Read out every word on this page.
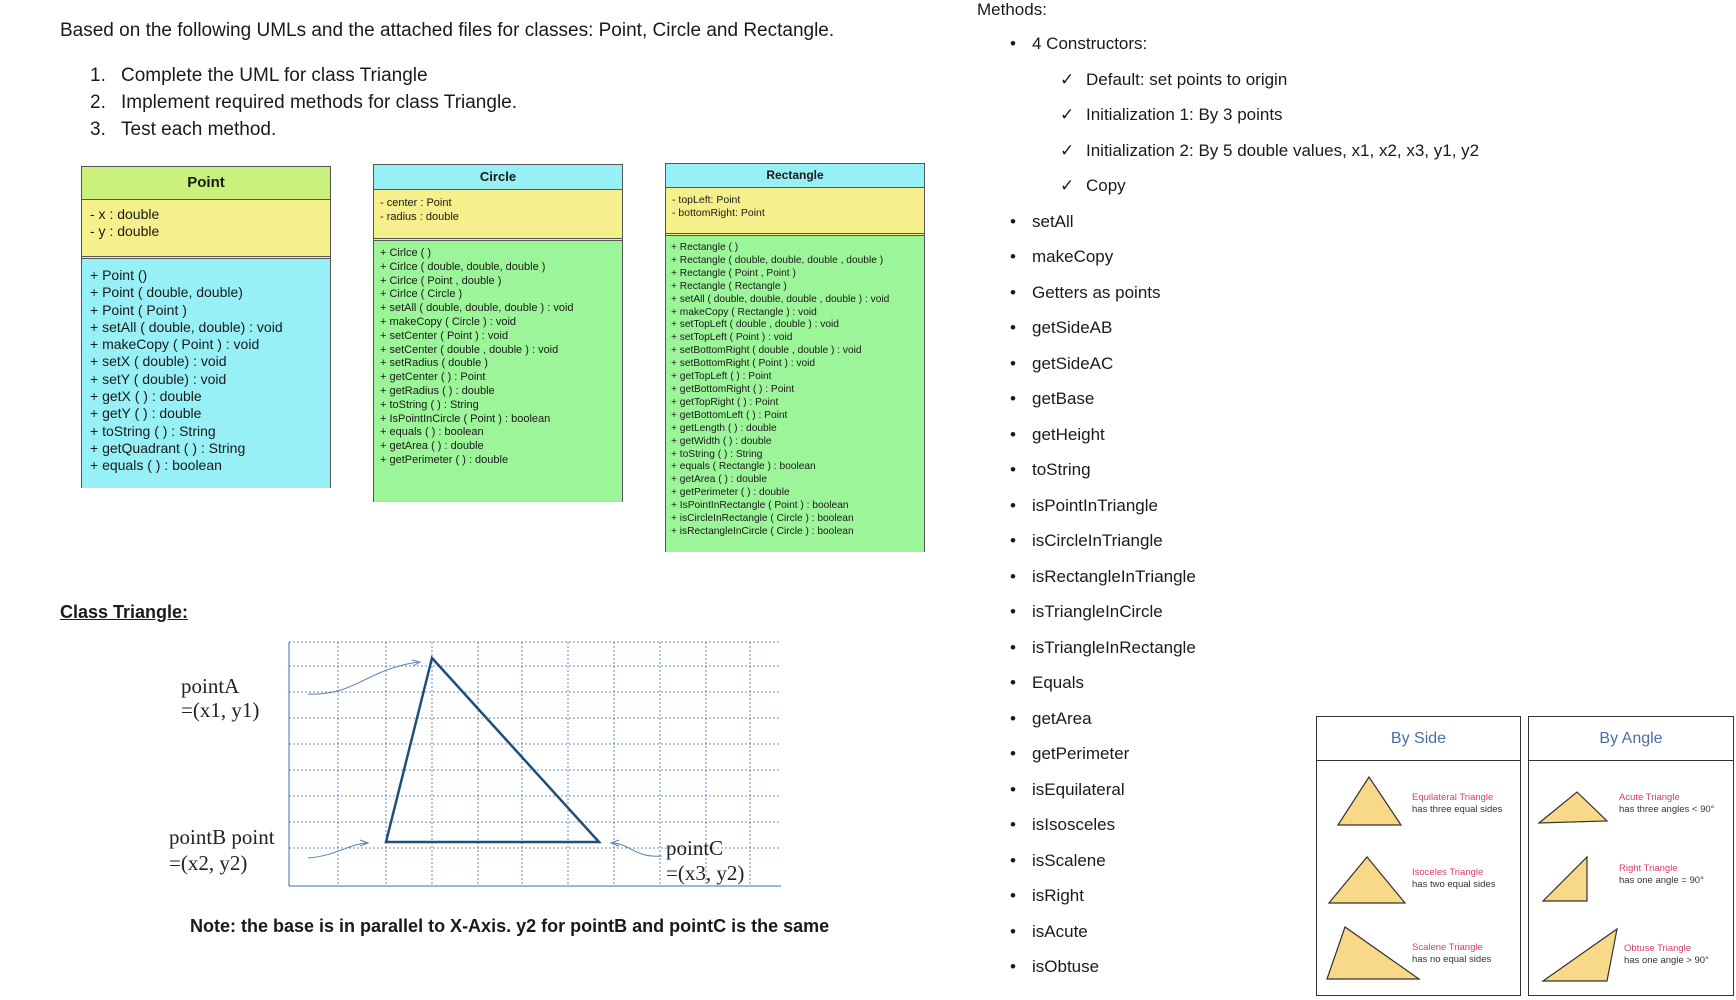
Based on the following UMLs and the attached files for classes: Point, Circle and Rectangle.
1. Complete the UML for class Triangle
2. Implement required methods for class Triangle.
3. Test each method.
Point
- x : double
- y : double
+ Point ()
+ Point ( double, double)
+ Point ( Point )
+ setAll ( double, double) : void
+ makeCopy ( Point ) : void
+ setX ( double) : void
+ setY ( double) : void
+ getX ( ) : double
+ getY ( ) : double
+ toString ( ) : String
+ getQuadrant ( ) : String
+ equals ( ) : boolean
Circle
- center : Point
- radius : double
+ Cirlce ( )
+ Cirlce ( double, double, double )
+ Cirlce ( Point , double )
+ Cirlce ( Circle )
+ setAll ( double, double, double ) : void
+ makeCopy ( Circle ) : void
+ setCenter ( Point ) : void
+ setCenter ( double , double ) : void
+ setRadius ( double )
+ getCenter ( ) : Point
+ getRadius ( ) : double
+ toString ( ) : String
+ IsPointInCircle ( Point ) : boolean
+ equals ( ) : boolean
+ getArea ( ) : double
+ getPerimeter ( ) : double
Rectangle
- topLeft: Point
- bottomRight: Point
+ Rectangle ( )
+ Rectangle ( double, double, double , double )
+ Rectangle ( Point , Point )
+ Rectangle ( Rectangle )
+ setAll ( double, double, double , double ) : void
+ makeCopy ( Rectangle ) : void
+ setTopLeft ( double , double ) : void
+ setTopLeft ( Point ) : void
+ setBottomRight ( double , double ) : void
+ setBottomRight ( Point ) : void
+ getTopLeft ( ) : Point
+ getBottomRight ( ) : Point
+ getTopRight ( ) : Point
+ getBottomLeft ( ) : Point
+ getLength ( ) : double
+ getWidth ( ) : double
+ toString ( ) : String
+ equals ( Rectangle ) : boolean
+ getArea ( ) : double
+ getPerimeter ( ) : double
+ IsPointInRectangle ( Point ) : boolean
+ isCircleInRectangle ( Circle ) : boolean
+ isRectangleInCircle ( Circle ) : boolean
Class Triangle:
pointA
=(x1, y1)
pointB point
=(x2, y2)
pointC
=(x3, y2)
Note: the base is in parallel to X-Axis. y2 for pointB and pointC is the same
Methods:
• 4 Constructors:
✓ Default: set points to origin
✓ Initialization 1: By 3 points
✓ Initialization 2: By 5 double values, x1, x2, x3, y1, y2
✓ Copy
• setAll
• makeCopy
• Getters as points
• getSideAB
• getSideAC
• getBase
• getHeight
• toString
• isPointInTriangle
• isCircleInTriangle
• isRectangleInTriangle
• isTriangleInCircle
• isTriangleInRectangle
• Equals
• getArea
• getPerimeter
• isEquilateral
• isIsosceles
• isScalene
• isRight
• isAcute
• isObtuse
By Side
Equilateral Triangle
has three equal sides
Isoceles Triangle
has two equal sides
Scalene Triangle
has no equal sides
By Angle
Acute Triangle
has three angles < 90°
Right Triangle
has one angle = 90°
Obtuse Triangle
has one angle > 90°
